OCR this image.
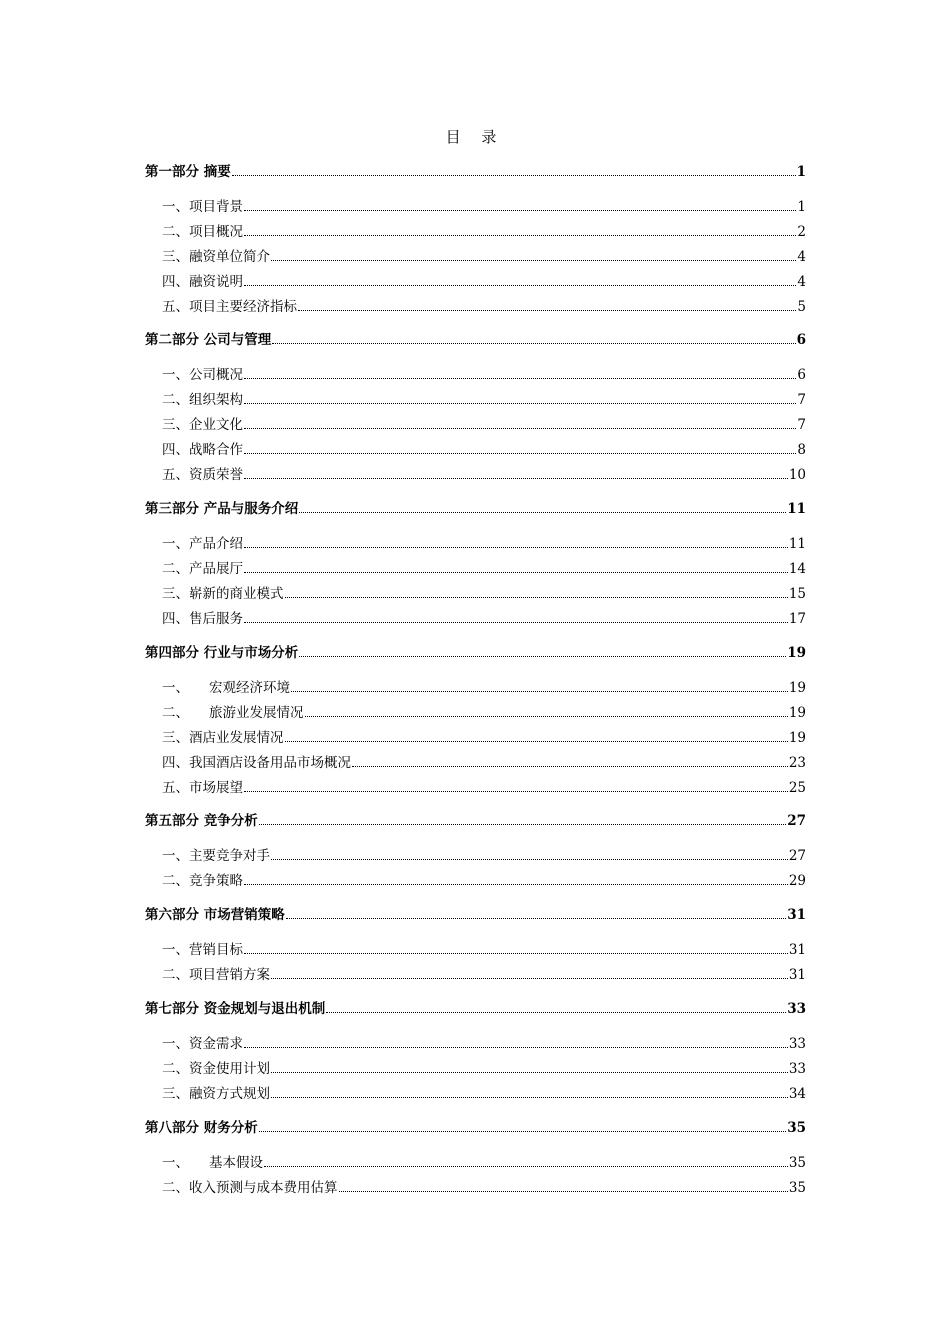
目 录
第一部分 摘要	1
一、项目背景	1
二、项目概况	2
三、融资单位简介	4
四、融资说明	4
五、项目主要经济指标	5
第二部分 公司与管理	6
一、公司概况	6
二、组织架构	7
三、企业文化	7
四、战略合作	8
五、资质荣誉	10
第三部分 产品与服务介绍	11
一、产品介绍	11
二、产品展厅	14
三、崭新的商业模式	15
四、售后服务	17
第四部分 行业与市场分析	19
一、 宏观经济环境	19
二、 旅游业发展情况	19
三、酒店业发展情况	19
四、我国酒店设备用品市场概况	23
五、市场展望	25
第五部分 竞争分析	27
一、主要竞争对手	27
二、竞争策略	29
第六部分 市场营销策略	31
一、营销目标	31
二、项目营销方案	31
第七部分 资金规划与退出机制	33
一、资金需求	33
二、资金使用计划	33
三、融资方式规划	34
第八部分 财务分析	35
一、 基本假设	35
二、收入预测与成本费用估算	35
